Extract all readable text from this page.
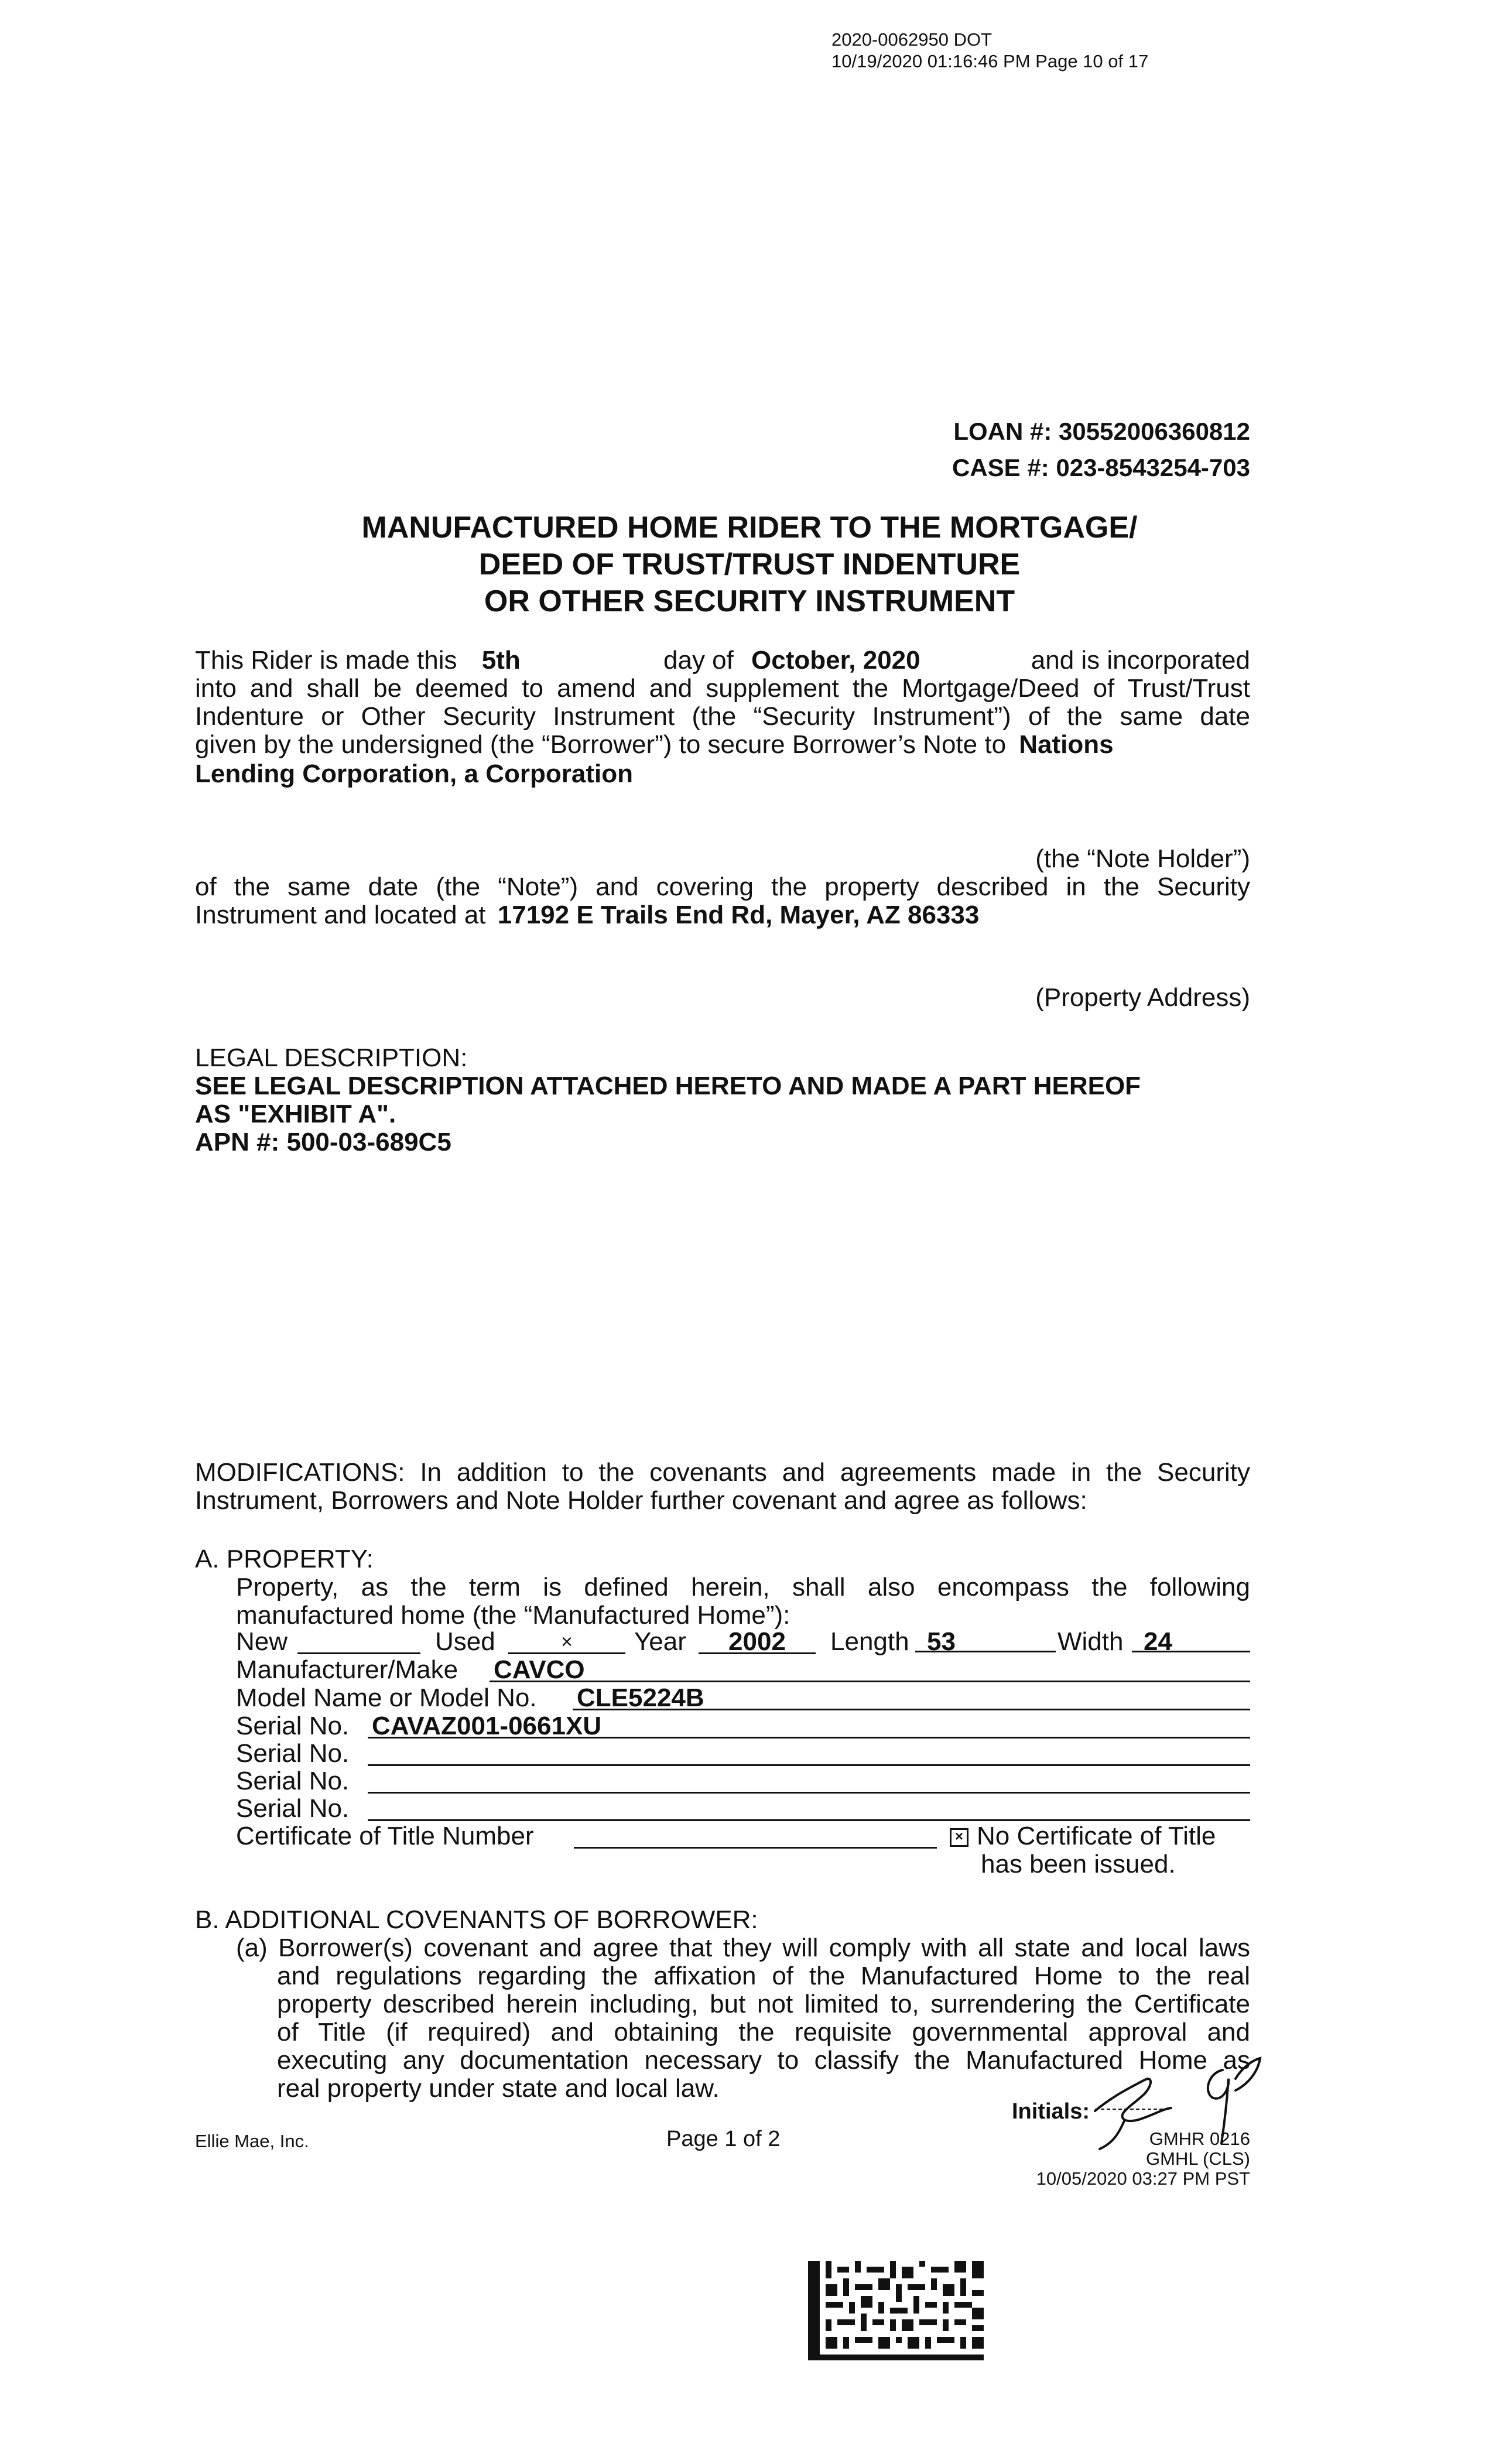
2020-0062950 DOT
10/19/2020 01:16:46 PM Page 10 of 17
LOAN #: 30552006360812
CASE #: 023-8543254-703
MANUFACTURED HOME RIDER TO THE MORTGAGE/
DEED OF TRUST/TRUST INDENTURE
OR OTHER SECURITY INSTRUMENT
This Rider is made this 5th	day of October, 2020	and is incorporated
into and shall be deemed to amend and supplement the Mortgage/Deed of Trust/Trust
Indenture or Other Security Instrument (the “Security Instrument”) of the same date
given by the undersigned (the “Borrower”) to secure Borrower’s Note to Nations
Lending Corporation, a Corporation
(the “Note Holder”)
of the same date (the “Note”) and covering the property described in the Security
Instrument and located at 17192 E Trails End Rd, Mayer, AZ 86333
(Property Address)
LEGAL DESCRIPTION:
SEE LEGAL DESCRIPTION ATTACHED HERETO AND MADE A PART HEREOF
AS "EXHIBIT A".
APN #: 500-03-689C5
MODIFICATIONS: In addition to the covenants and agreements made in the Security
Instrument, Borrowers and Note Holder further covenant and agree as follows:
A. PROPERTY:
Property, as the term is defined herein, shall also encompass the following
manufactured home (the “Manufactured Home”):
New	Used	×	Year	2002	Length 53	Width 24
Manufacturer/Make CAVCO
Model Name or Model No. CLE5224B
Serial No. CAVAZ001-0661XU
Serial No.
Serial No.
Serial No.
Certificate of Title Number	× No Certificate of Title
has been issued.
B. ADDITIONAL COVENANTS OF BORROWER:
(a) Borrower(s) covenant and agree that they will comply with all state and local laws
and regulations regarding the affixation of the Manufactured Home to the real
property described herein including, but not limited to, surrendering the Certificate
of Title (if required) and obtaining the requisite governmental approval and
executing any documentation necessary to classify the Manufactured Home as
real property under state and local law.
Ellie Mae, Inc.	Page 1 of 2
Initials:
GMHR 0216
GMHL (CLS)
10/05/2020 03:27 PM PST
